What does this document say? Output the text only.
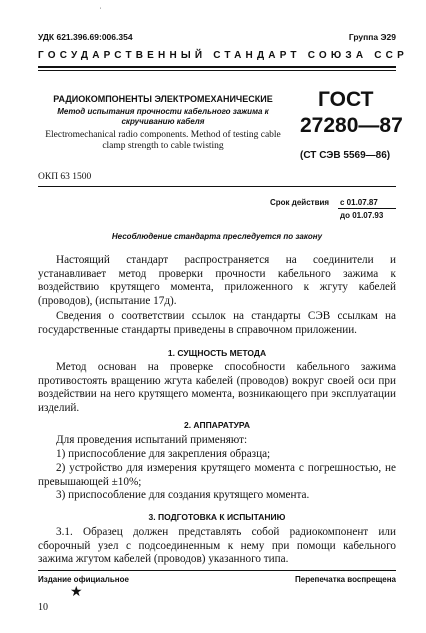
'
УДК 621.396.69:006.354	Группа Э29
ГОСУДАРСТВЕННЫЙ СТАНДАРТ СОЮЗА ССР
РАДИОКОМПОНЕНТЫ ЭЛЕКТРОМЕХАНИЧЕСКИЕ
Метод испытания прочности кабельного зажима к скручиванию кабеля
Electromechanical radio components. Method of testing cable clamp strength to cable twisting
ГОСТ
27280—87
(СТ СЭВ 5569—86)
ОКП 63 1500
Срок действия с 01.07.87
до 01.07.93
Несоблюдение стандарта преследуется по закону

Настоящий стандарт распространяется на соединители и устанавливает метод проверки прочности кабельного зажима к воздействию крутящего момента, приложенного к жгуту кабелей (проводов), (испытание 17д).

Сведения о соответствии ссылок на стандарты СЭВ ссылкам на государственные стандарты приведены в справочном приложении.

1. СУЩНОСТЬ МЕТОДА

Метод основан на проверке способности кабельного зажима противостоять вращению жгута кабелей (проводов) вокруг своей оси при воздействии на него крутящего момента, возникающего при эксплуатации изделий.

2. АППАРАТУРА

Для проведения испытаний применяют:

1) приспособление для закрепления образца;

2) устройство для измерения крутящего момента с погрешностью, не превышающей ±10%;

3) приспособление для создания крутящего момента.

3. ПОДГОТОВКА К ИСПЫТАНИЮ

3.1. Образец должен представлять собой радиокомпонент или сборочный узел с подсоединенным к нему при помощи кабельного зажима жгутом кабелей (проводов) указанного типа.

Издание официальное	Перепечатка воспрещена
★
10
